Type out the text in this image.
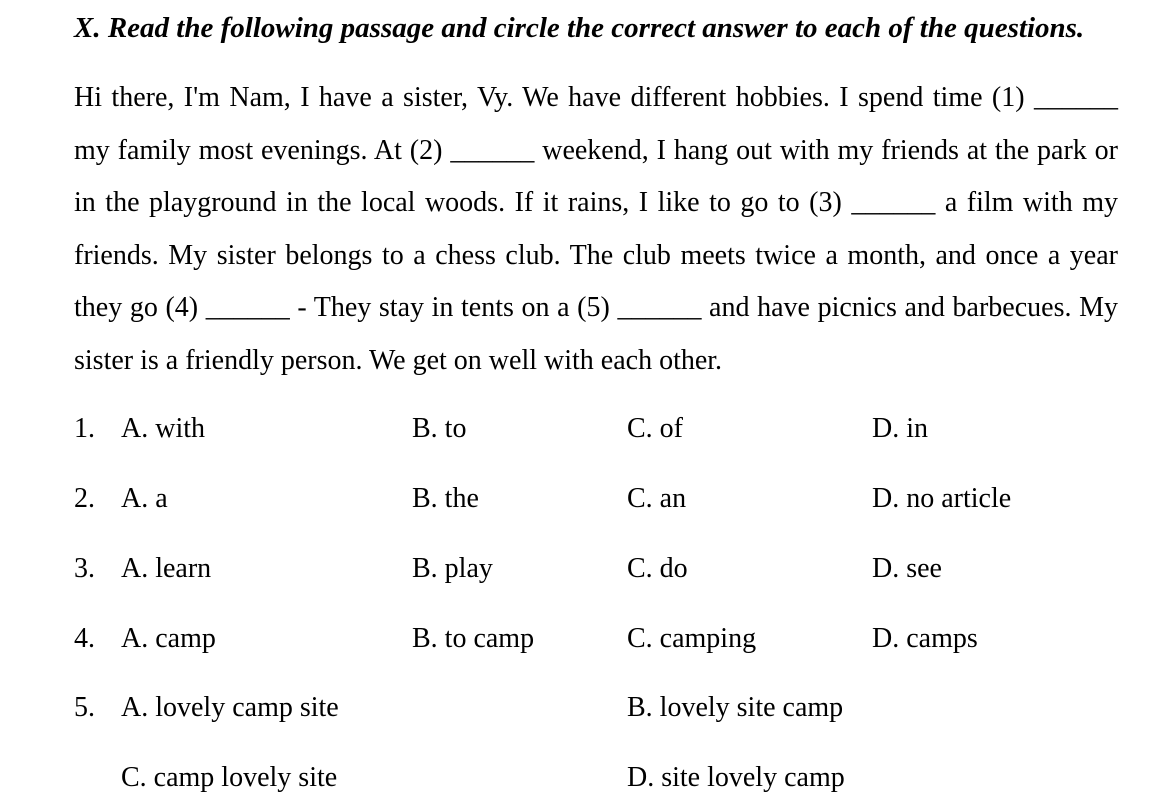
X. Read the following passage and circle the correct answer to each of the questions.
Hi there, I'm Nam, I have a sister, Vy. We have different hobbies. I spend time (1) ______ my family most evenings. At (2) ______ weekend, I hang out with my friends at the park or in the playground in the local woods. If it rains, I like to go to (3) ______ a film with my friends. My sister belongs to a chess club. The club meets twice a month, and once a year they go (4) ______ - They stay in tents on a (5) ______ and have picnics and barbecues. My sister is a friendly person. We get on well with each other.
1. A. with	B. to	C. of	D. in
2. A. a	B. the	C. an	D. no article
3. A. learn	B. play	C. do	D. see
4. A. camp	B. to camp	C. camping	D. camps
5. A. lovely camp site	B. lovely site camp
C. camp lovely site	D. site lovely camp
